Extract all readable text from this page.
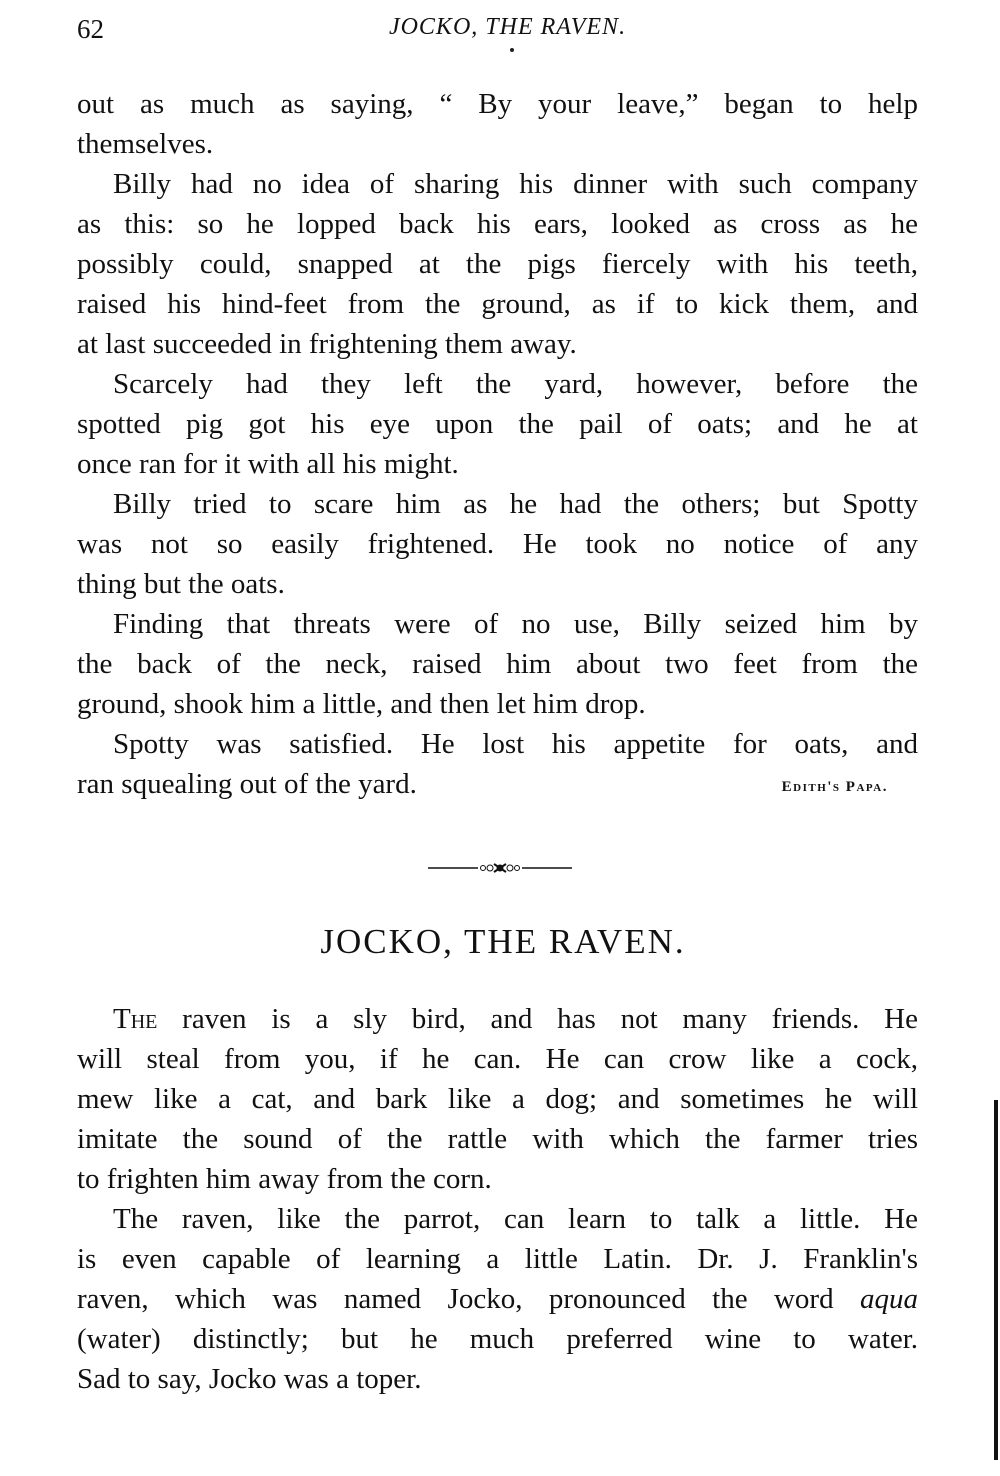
62	JOCKO, THE RAVEN.
out as much as saying, “ By your leave,” began to help
themselves.
Billy had no idea of sharing his dinner with such company
as this: so he lopped back his ears, looked as cross as he
possibly could, snapped at the pigs fiercely with his teeth,
raised his hind-feet from the ground, as if to kick them, and
at last succeeded in frightening them away.
Scarcely had they left the yard, however, before the
spotted pig got his eye upon the pail of oats; and he at
once ran for it with all his might.
Billy tried to scare him as he had the others; but Spotty
was not so easily frightened. He took no notice of any
thing but the oats.
Finding that threats were of no use, Billy seized him by
the back of the neck, raised him about two feet from the
ground, shook him a little, and then let him drop.
Spotty was satisfied. He lost his appetite for oats, and
ran squealing out of the yard.	Edith's Papa.
JOCKO, THE RAVEN.
The raven is a sly bird, and has not many friends. He
will steal from you, if he can. He can crow like a cock,
mew like a cat, and bark like a dog; and sometimes he will
imitate the sound of the rattle with which the farmer tries
to frighten him away from the corn.
The raven, like the parrot, can learn to talk a little. He
is even capable of learning a little Latin. Dr. J. Franklin's
raven, which was named Jocko, pronounced the word aqua
(water) distinctly; but he much preferred wine to water.
Sad to say, Jocko was a toper.
